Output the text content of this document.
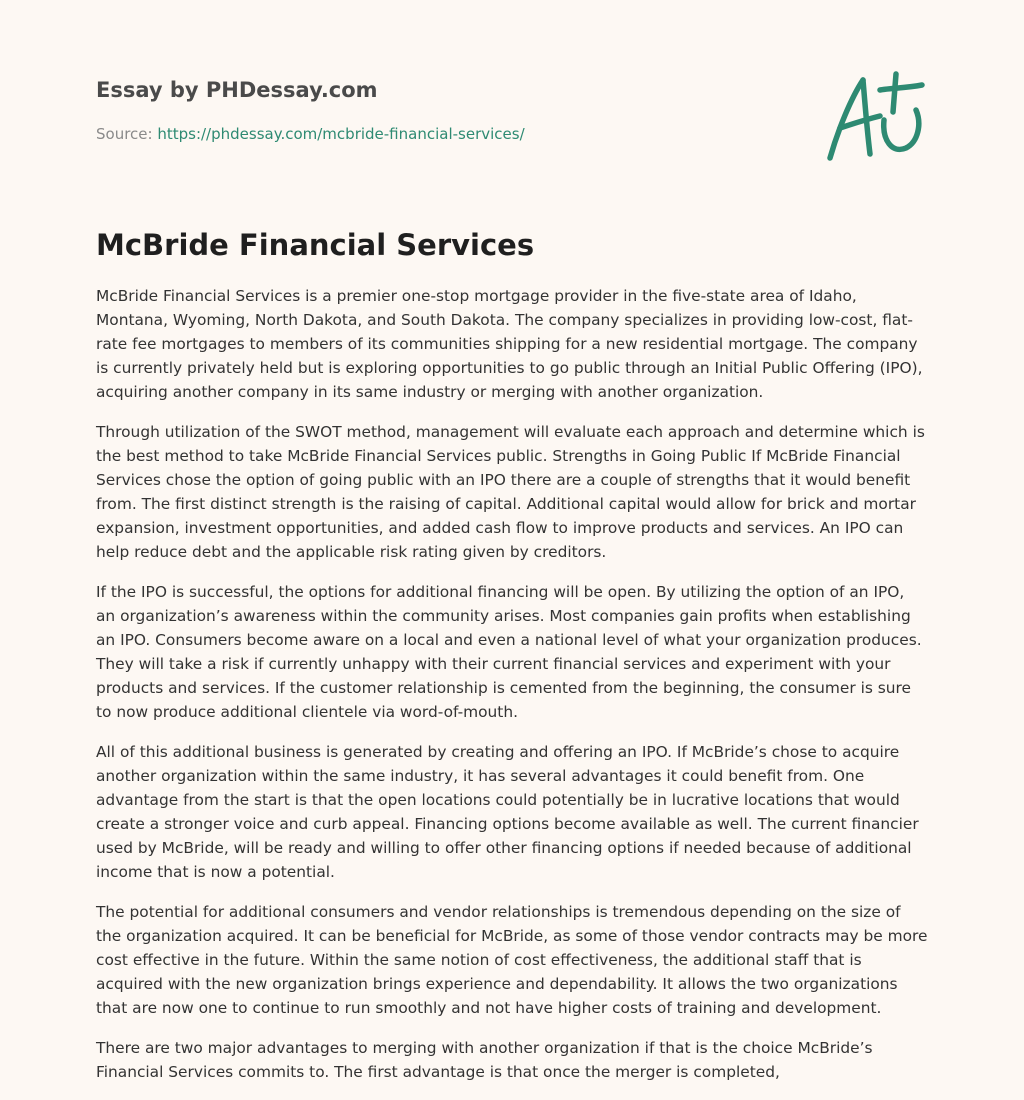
Essay by PHDessay.com
Source: https://phdessay.com/mcbride-financial-services/
McBride Financial Services

McBride Financial Services is a premier one-stop mortgage provider in the five-state area of Idaho, Montana, Wyoming, North Dakota, and South Dakota. The company specializes in providing low-cost, flat-rate fee mortgages to members of its communities shipping for a new residential mortgage. The company is currently privately held but is exploring opportunities to go public through an Initial Public Offering (IPO), acquiring another company in its same industry or merging with another organization.

Through utilization of the SWOT method, management will evaluate each approach and determine which is the best method to take McBride Financial Services public. Strengths in Going Public If McBride Financial Services chose the option of going public with an IPO there are a couple of strengths that it would benefit from. The first distinct strength is the raising of capital. Additional capital would allow for brick and mortar expansion, investment opportunities, and added cash flow to improve products and services. An IPO can help reduce debt and the applicable risk rating given by creditors.

If the IPO is successful, the options for additional financing will be open. By utilizing the option of an IPO, an organization’s awareness within the community arises. Most companies gain profits when establishing an IPO. Consumers become aware on a local and even a national level of what your organization produces. They will take a risk if currently unhappy with their current financial services and experiment with your products and services. If the customer relationship is cemented from the beginning, the consumer is sure to now produce additional clientele via word-of-mouth.

All of this additional business is generated by creating and offering an IPO. If McBride’s chose to acquire another organization within the same industry, it has several advantages it could benefit from. One advantage from the start is that the open locations could potentially be in lucrative locations that would create a stronger voice and curb appeal. Financing options become available as well. The current financier used by McBride, will be ready and willing to offer other financing options if needed because of additional income that is now a potential.

The potential for additional consumers and vendor relationships is tremendous depending on the size of the organization acquired. It can be beneficial for McBride, as some of those vendor contracts may be more cost effective in the future. Within the same notion of cost effectiveness, the additional staff that is acquired with the new organization brings experience and dependability. It allows the two organizations that are now one to continue to run smoothly and not have higher costs of training and development.

There are two major advantages to merging with another organization if that is the choice McBride’s Financial Services commits to. The first advantage is that once the merger is completed,
